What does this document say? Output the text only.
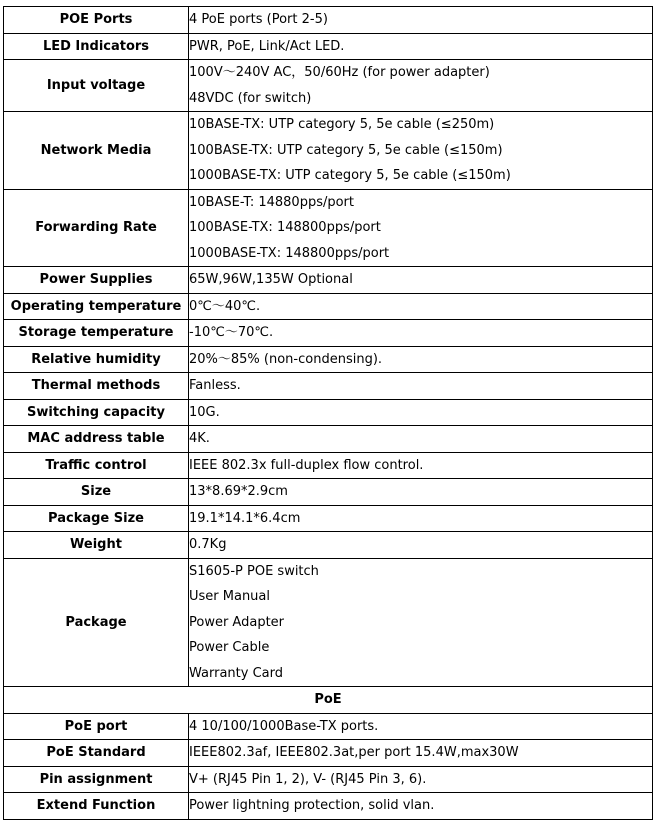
POE Ports	4 PoE ports (Port 2-5)

LED Indicators	PWR, PoE, Link/Act LED.

Input voltage	100V～240V AC，50/60Hz (for power adapter)
48VDC (for switch)

Network Media	10BASE-TX: UTP category 5, 5e cable (≤250m)
100BASE-TX: UTP category 5, 5e cable (≤150m)
1000BASE-TX: UTP category 5, 5e cable (≤150m)

Forwarding Rate	10BASE-T: 14880pps/port
100BASE-TX: 148800pps/port
1000BASE-TX: 148800pps/port

Power Supplies	65W,96W,135W Optional

Operating temperature	0℃～40℃.

Storage temperature	-10℃～70℃.

Relative humidity	20%～85% (non-condensing).

Thermal methods	Fanless.

Switching capacity	10G.

MAC address table	4K.

Traffic control	IEEE 802.3x full-duplex flow control.

Size	13*8.69*2.9cm

Package Size	19.1*14.1*6.4cm

Weight	0.7Kg

Package	S1605-P POE switch
User Manual
Power Adapter
Power Cable
Warranty Card

PoE	
PoE port	4 10/100/1000Base-TX ports.

PoE Standard	IEEE802.3af, IEEE802.3at,per port 15.4W,max30W

Pin assignment	V+ (RJ45 Pin 1, 2), V- (RJ45 Pin 3, 6).

Extend Function	Power lightning protection, solid vlan.
